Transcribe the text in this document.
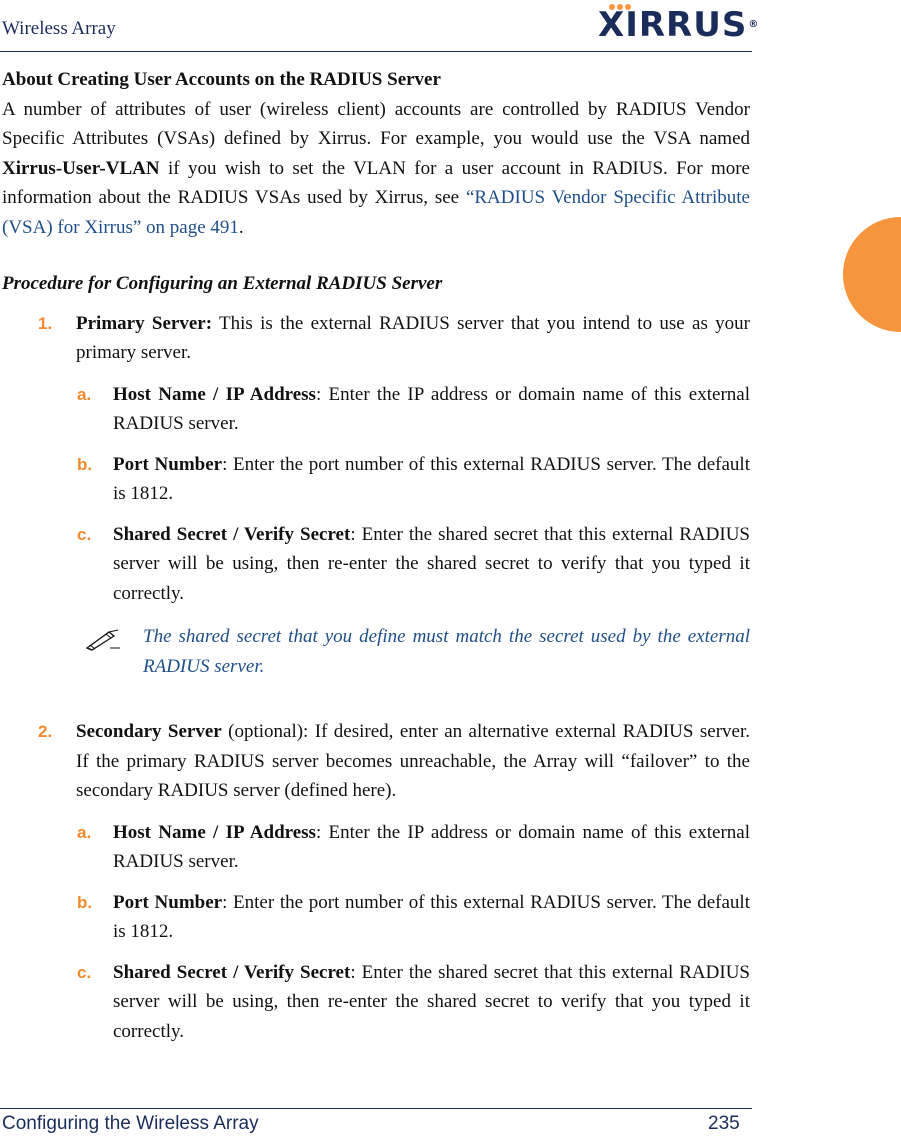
Wireless Array	XIRRUS®

About Creating User Accounts on the RADIUS Server

A number of attributes of user (wireless client) accounts are controlled by RADIUS Vendor Specific Attributes (VSAs) defined by Xirrus. For example, you would use the VSA named Xirrus-User-VLAN if you wish to set the VLAN for a user account in RADIUS. For more information about the RADIUS VSAs used by Xirrus, see “RADIUS Vendor Specific Attribute (VSA) for Xirrus” on page 491.

Procedure for Configuring an External RADIUS Server

1. Primary Server: This is the external RADIUS server that you intend to use as your primary server.
a. Host Name / IP Address: Enter the IP address or domain name of this external RADIUS server.
b. Port Number: Enter the port number of this external RADIUS server. The default is 1812.
c. Shared Secret / Verify Secret: Enter the shared secret that this external RADIUS server will be using, then re-enter the shared secret to verify that you typed it correctly.
The shared secret that you define must match the secret used by the external RADIUS server.
2. Secondary Server (optional): If desired, enter an alternative external RADIUS server. If the primary RADIUS server becomes unreachable, the Array will “failover” to the secondary RADIUS server (defined here).
a. Host Name / IP Address: Enter the IP address or domain name of this external RADIUS server.
b. Port Number: Enter the port number of this external RADIUS server. The default is 1812.
c. Shared Secret / Verify Secret: Enter the shared secret that this external RADIUS server will be using, then re-enter the shared secret to verify that you typed it correctly.
Configuring the Wireless Array	235
